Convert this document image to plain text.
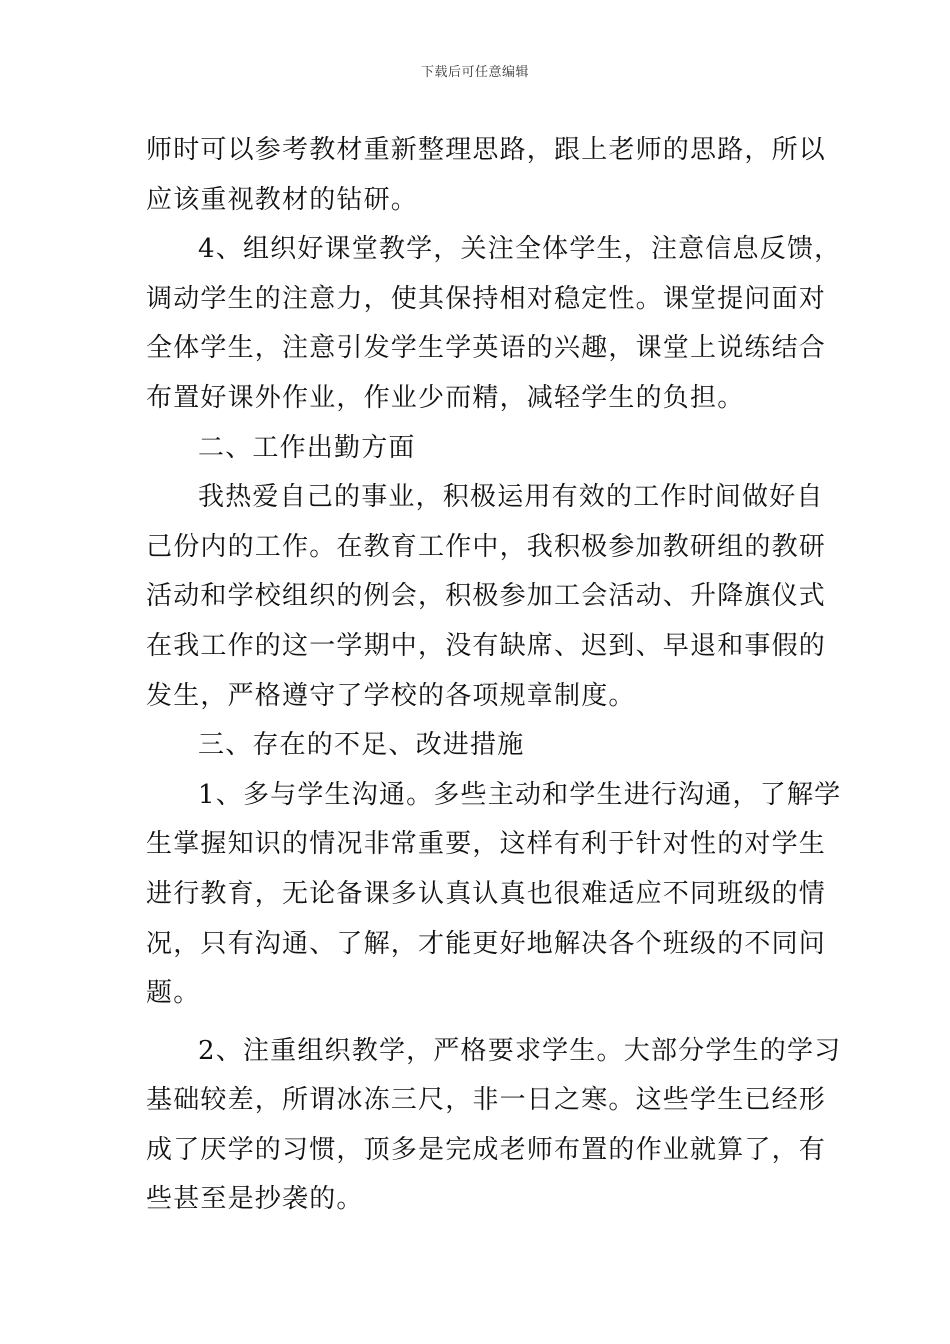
下载后可任意编辑
师时可以参考教材重新整理思路，跟上老师的思路，所以
应该重视教材的钻研。
4、组织好课堂教学，关注全体学生，注意信息反馈，
调动学生的注意力，使其保持相对稳定性。课堂提问面对
全体学生，注意引发学生学英语的兴趣，课堂上说练结合
布置好课外作业，作业少而精，减轻学生的负担。
二、工作出勤方面
我热爱自己的事业，积极运用有效的工作时间做好自
己份内的工作。在教育工作中，我积极参加教研组的教研
活动和学校组织的例会，积极参加工会活动、升降旗仪式
在我工作的这一学期中，没有缺席、迟到、早退和事假的
发生，严格遵守了学校的各项规章制度。
三、存在的不足、改进措施
1、多与学生沟通。多些主动和学生进行沟通，了解学
生掌握知识的情况非常重要，这样有利于针对性的对学生
进行教育，无论备课多认真认真也很难适应不同班级的情
况，只有沟通、了解，才能更好地解决各个班级的不同问
题。
2、注重组织教学，严格要求学生。大部分学生的学习
基础较差，所谓冰冻三尺，非一日之寒。这些学生已经形
成了厌学的习惯，顶多是完成老师布置的作业就算了，有
些甚至是抄袭的。
